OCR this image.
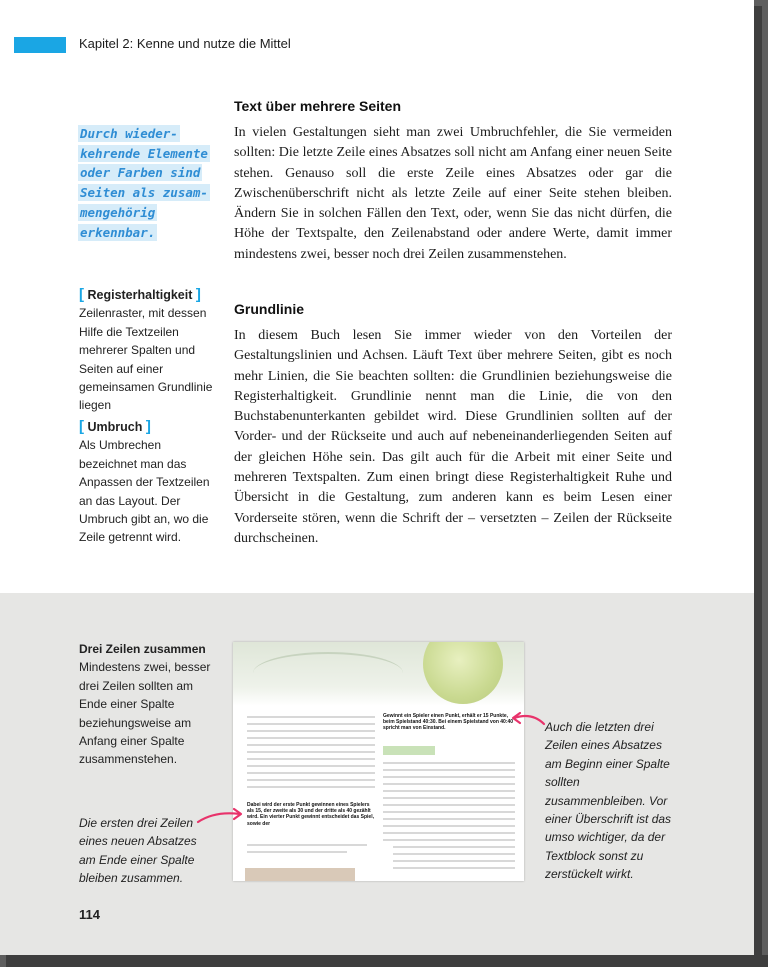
Kapitel 2: Kenne und nutze die Mittel
Durch wieder-
kehrende Elemente
oder Farben sind
Seiten als zusam-
mengehörig
erkennbar.
[ Registerhaltigkeit ]
Zeilenraster, mit dessen Hilfe die Textzeilen mehrerer Spalten und Seiten auf einer gemeinsamen Grundlinie liegen
[ Umbruch ]
Als Umbrechen bezeichnet man das Anpassen der Textzeilen an das Layout. Der Umbruch gibt an, wo die Zeile getrennt wird.
Text über mehrere Seiten

In vielen Gestaltungen sieht man zwei Umbruchfehler, die Sie vermeiden sollten: Die letzte Zeile eines Absatzes soll nicht am Anfang einer neuen Seite stehen. Genauso soll die erste Zeile eines Absatzes oder gar die Zwischenüberschrift nicht als letzte Zeile auf einer Seite stehen bleiben. Ändern Sie in solchen Fällen den Text, oder, wenn Sie das nicht dürfen, die Höhe der Textspalte, den Zeilenabstand oder andere Werte, damit immer mindestens zwei, besser noch drei Zeilen zusammenstehen.

Grundlinie

In diesem Buch lesen Sie immer wieder von den Vorteilen der Gestaltungslinien und Achsen. Läuft Text über mehrere Seiten, gibt es noch mehr Linien, die Sie beachten sollten: die Grundlinien beziehungsweise die Registerhaltigkeit. Grundlinie nennt man die Linie, die von den Buchstabenunterkanten gebildet wird. Diese Grundlinien sollten auf der Vorder- und der Rückseite und auch auf nebeneinanderliegenden Seiten auf der gleichen Höhe sein. Das gilt auch für die Arbeit mit einer Seite und mehreren Textspalten. Zum einen bringt diese Registerhaltigkeit Ruhe und Übersicht in die Gestaltung, zum anderen kann es beim Lesen einer Vorderseite stören, wenn die Schrift der – versetzten – Zeilen der Rückseite durchscheinen.

Drei Zeilen zusammen
Mindestens zwei, besser drei Zeilen sollten am Ende einer Spalte beziehungsweise am Anfang einer Spalte zusammenstehen.
Die ersten drei Zeilen eines neuen Absatzes am Ende einer Spalte bleiben zusammen.
Auch die letzten drei Zeilen eines Absatzes am Beginn einer Spalte sollten zusammenbleiben. Vor einer Überschrift ist das umso wichtiger, da der Textblock sonst zu zerstückelt wirkt.
Dabei wird der erste Punkt gewinnen eines Spielers als 15, der zweite als 30 und der dritte als 40 gezählt wird. Ein vierter Punkt gewinnt entscheidet das Spiel, sowie der
Gewinnt ein Spieler einen Punkt, erhält er 15 Punkte, beim Spielstand 40:30. Bei einem Spielstand von 40:40 spricht man von Einstand.
114
